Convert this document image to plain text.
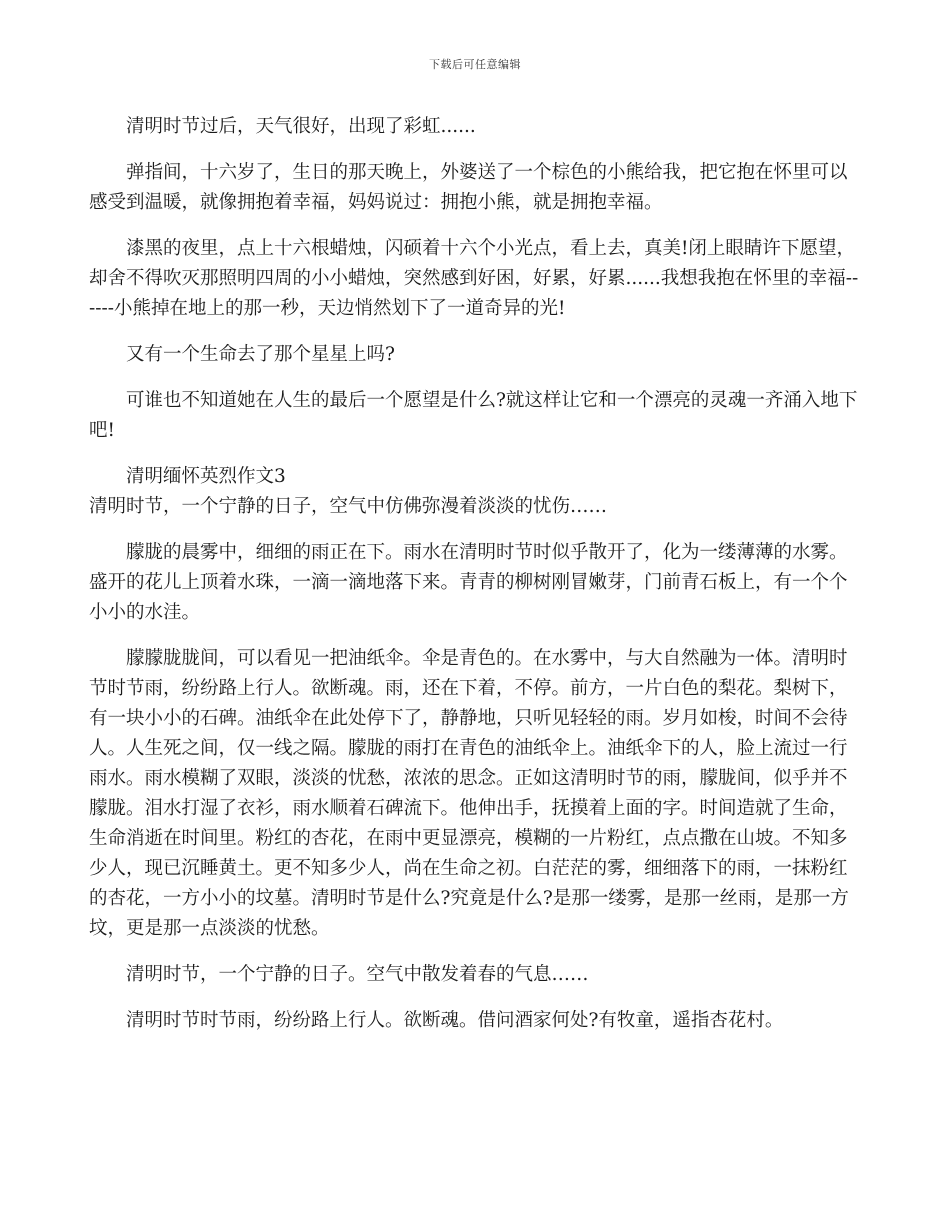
下载后可任意编辑

清明时节过后，天气很好，出现了彩虹......

弹指间，十六岁了，生日的那天晚上，外婆送了一个棕色的小熊给我，把它抱在怀里可以感受到温暖，就像拥抱着幸福，妈妈说过：拥抱小熊，就是拥抱幸福。

漆黑的夜里，点上十六根蜡烛，闪硕着十六个小光点，看上去，真美!闭上眼睛许下愿望，却舍不得吹灭那照明四周的小小蜡烛，突然感到好困，好累，好累......我想我抱在怀里的幸福------小熊掉在地上的那一秒，天边悄然划下了一道奇异的光!

又有一个生命去了那个星星上吗?

可谁也不知道她在人生的最后一个愿望是什么?就这样让它和一个漂亮的灵魂一齐涌入地下吧!

清明缅怀英烈作文3

清明时节，一个宁静的日子，空气中仿佛弥漫着淡淡的忧伤……

朦胧的晨雾中，细细的雨正在下。雨水在清明时节时似乎散开了，化为一缕薄薄的水雾。盛开的花儿上顶着水珠，一滴一滴地落下来。青青的柳树刚冒嫩芽，门前青石板上，有一个个小小的水洼。

朦朦胧胧间，可以看见一把油纸伞。伞是青色的。在水雾中，与大自然融为一体。清明时节时节雨，纷纷路上行人。欲断魂。雨，还在下着，不停。前方，一片白色的梨花。梨树下，有一块小小的石碑。油纸伞在此处停下了，静静地，只听见轻轻的雨。岁月如梭，时间不会待人。人生死之间，仅一线之隔。朦胧的雨打在青色的油纸伞上。油纸伞下的人，脸上流过一行雨水。雨水模糊了双眼，淡淡的忧愁，浓浓的思念。正如这清明时节的雨，朦胧间，似乎并不朦胧。泪水打湿了衣衫，雨水顺着石碑流下。他伸出手，抚摸着上面的字。时间造就了生命，生命消逝在时间里。粉红的杏花，在雨中更显漂亮，模糊的一片粉红，点点撒在山坡。不知多少人，现已沉睡黄土。更不知多少人，尚在生命之初。白茫茫的雾，细细落下的雨，一抹粉红的杏花，一方小小的坟墓。清明时节是什么?究竟是什么?是那一缕雾，是那一丝雨，是那一方坟，更是那一点淡淡的忧愁。

清明时节，一个宁静的日子。空气中散发着春的气息……

清明时节时节雨，纷纷路上行人。欲断魂。借问酒家何处?有牧童，遥指杏花村。
